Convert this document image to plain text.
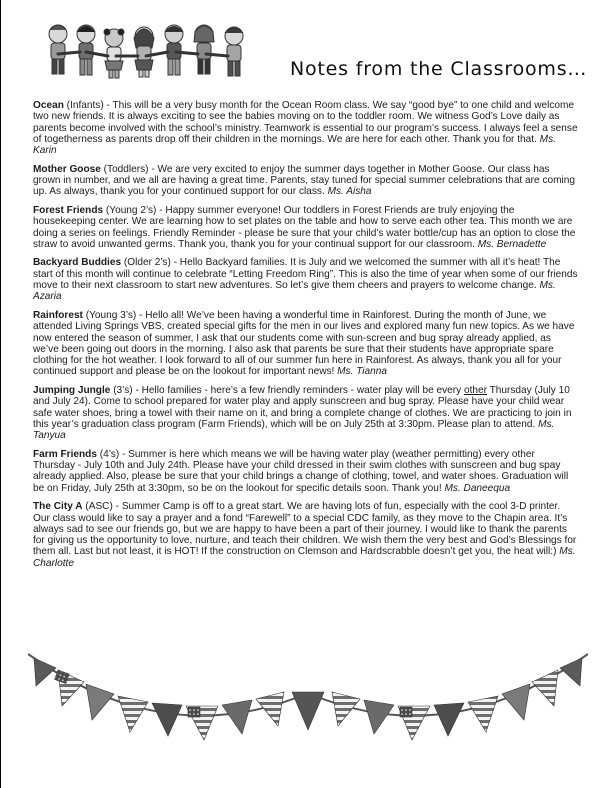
Notes from the Classrooms…

Ocean (Infants) - This will be a very busy month for the Ocean Room class. We say “good bye” to one child and welcome two new friends. It is always exciting to see the babies moving on to the toddler room. We witness God’s Love daily as parents become involved with the school’s ministry. Teamwork is essential to our program’s success. I always feel a sense of togetherness as parents drop off their children in the mornings. We are here for each other. Thank you for that. Ms. Karin

Mother Goose (Toddlers) - We are very excited to enjoy the summer days together in Mother Goose. Our class has grown in number, and we all are having a great time. Parents, stay tuned for special summer celebrations that are coming up. As always, thank you for your continued support for our class. Ms. Aisha

Forest Friends (Young 2’s) - Happy summer everyone! Our toddlers in Forest Friends are truly enjoying the housekeeping center. We are learning how to set plates on the table and how to serve each other tea. This month we are doing a series on feelings. Friendly Reminder - please be sure that your child’s water bottle/cup has an option to close the straw to avoid unwanted germs. Thank you, thank you for your continual support for our classroom. Ms. Bernadette

Backyard Buddies (Older 2’s) - Hello Backyard families. It is July and we welcomed the summer with all it’s heat! The start of this month will continue to celebrate “Letting Freedom Ring”. This is also the time of year when some of our friends move to their next classroom to start new adventures. So let’s give them cheers and prayers to welcome change. Ms. Azaria

Rainforest (Young 3’s) - Hello all! We’ve been having a wonderful time in Rainforest. During the month of June, we attended Living Springs VBS, created special gifts for the men in our lives and explored many fun new topics. As we have now entered the season of summer, I ask that our students come with sun-screen and bug spray already applied, as we’ve been going out doors in the morning. I also ask that parents be sure that their students have appropriate spare clothing for the hot weather. I look forward to all of our summer fun here in Rainforest. As always, thank you all for your continued support and please be on the lookout for important news! Ms. Tianna

Jumping Jungle (3’s) - Hello families - here’s a few friendly reminders - water play will be every other Thursday (July 10 and July 24). Come to school prepared for water play and apply sunscreen and bug spray. Please have your child wear safe water shoes, bring a towel with their name on it, and bring a complete change of clothes. We are practicing to join in this year’s graduation class program (Farm Friends), which will be on July 25th at 3:30pm. Please plan to attend. Ms. Tanyua

Farm Friends (4’s) - Summer is here which means we will be having water play (weather permitting) every other Thursday - July 10th and July 24th. Please have your child dressed in their swim clothes with sunscreen and bug spay already applied. Also, please be sure that your child brings a change of clothing, towel, and water shoes. Graduation will be on Friday, July 25th at 3:30pm, so be on the lookout for specific details soon. Thank you! Ms. Daneequa

The City A (ASC) - Summer Camp is off to a great start. We are having lots of fun, especially with the cool 3-D printer. Our class would like to say a prayer and a fond “Farewell” to a special CDC family, as they move to the Chapin area. It’s always sad to see our friends go, but we are happy to have been a part of their journey. I would like to thank the parents for giving us the opportunity to love, nurture, and teach their children. We wish them the very best and God’s Blessings for them all. Last but not least, it is HOT! If the construction on Clemson and Hardscrabble doesn’t get you, the heat will:) Ms. Charlotte
